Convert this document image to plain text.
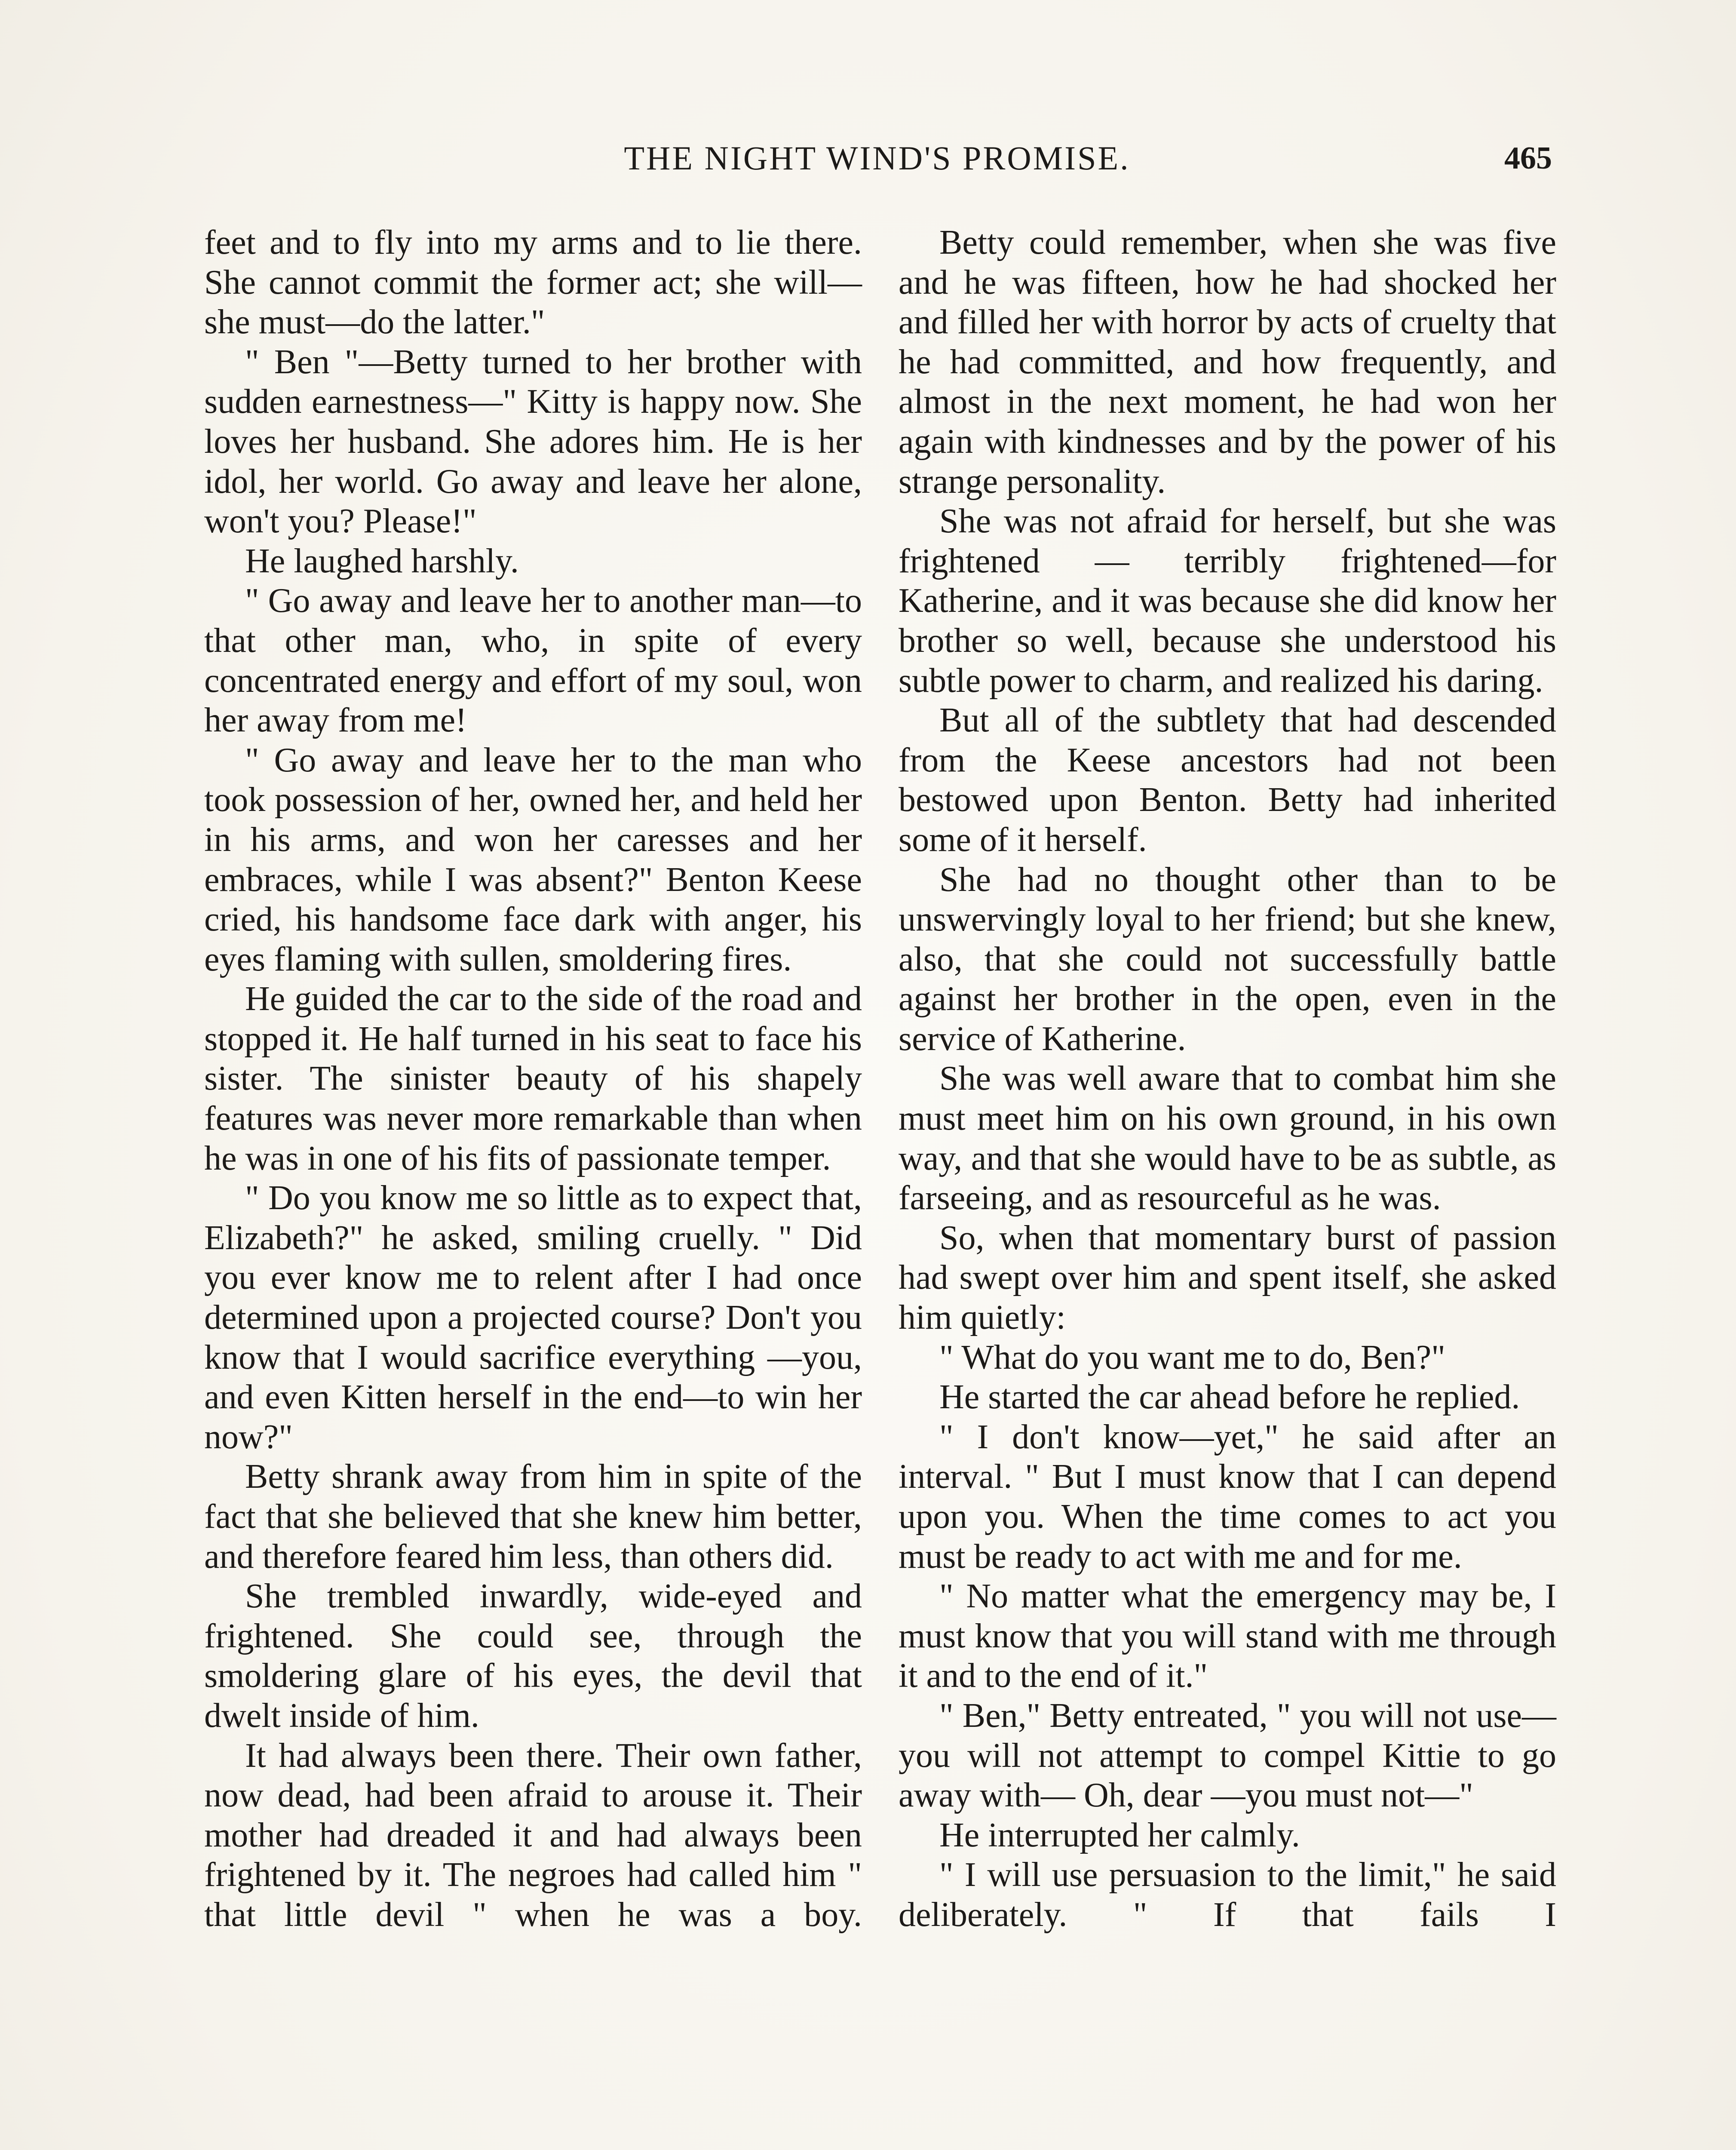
THE NIGHT WIND'S PROMISE.	465

feet and to fly into my arms and to lie there. She cannot commit the former act; she will—she must—do the latter."

" Ben "—Betty turned to her brother with sudden earnestness—" Kitty is happy now. She loves her husband. She adores him. He is her idol, her world. Go away and leave her alone, won't you? Please!"

He laughed harshly.

" Go away and leave her to another man—to that other man, who, in spite of every concentrated energy and effort of my soul, won her away from me!

" Go away and leave her to the man who took possession of her, owned her, and held her in his arms, and won her caresses and her embraces, while I was absent?" Benton Keese cried, his handsome face dark with anger, his eyes flaming with sullen, smoldering fires.

He guided the car to the side of the road and stopped it. He half turned in his seat to face his sister. The sinister beauty of his shapely features was never more remarkable than when he was in one of his fits of passionate temper.

" Do you know me so little as to expect that, Elizabeth?" he asked, smiling cruelly. " Did you ever know me to relent after I had once determined upon a projected course? Don't you know that I would sacrifice everything —you, and even Kitten herself in the end—to win her now?"

Betty shrank away from him in spite of the fact that she believed that she knew him better, and therefore feared him less, than others did.

She trembled inwardly, wide-eyed and frightened. She could see, through the smoldering glare of his eyes, the devil that dwelt inside of him.

It had always been there. Their own father, now dead, had been afraid to arouse it. Their mother had dreaded it and had always been frightened by it. The negroes had called him " that little devil " when he was a boy.

Betty could remember, when she was five and he was fifteen, how he had shocked her and filled her with horror by acts of cruelty that he had committed, and how frequently, and almost in the next moment, he had won her again with kindnesses and by the power of his strange personality.

She was not afraid for herself, but she was frightened — terribly frightened—for Katherine, and it was because she did know her brother so well, because she understood his subtle power to charm, and realized his daring.

But all of the subtlety that had descended from the Keese ancestors had not been bestowed upon Benton. Betty had inherited some of it herself.

She had no thought other than to be unswervingly loyal to her friend; but she knew, also, that she could not successfully battle against her brother in the open, even in the service of Katherine.

She was well aware that to combat him she must meet him on his own ground, in his own way, and that she would have to be as subtle, as farseeing, and as resourceful as he was.

So, when that momentary burst of passion had swept over him and spent itself, she asked him quietly:

" What do you want me to do, Ben?"

He started the car ahead before he replied.

" I don't know—yet," he said after an interval. " But I must know that I can depend upon you. When the time comes to act you must be ready to act with me and for me.

" No matter what the emergency may be, I must know that you will stand with me through it and to the end of it."

" Ben," Betty entreated, " you will not use—you will not attempt to compel Kittie to go away with— Oh, dear —you must not—"

He interrupted her calmly.

" I will use persuasion to the limit," he said deliberately. " If that fails I
